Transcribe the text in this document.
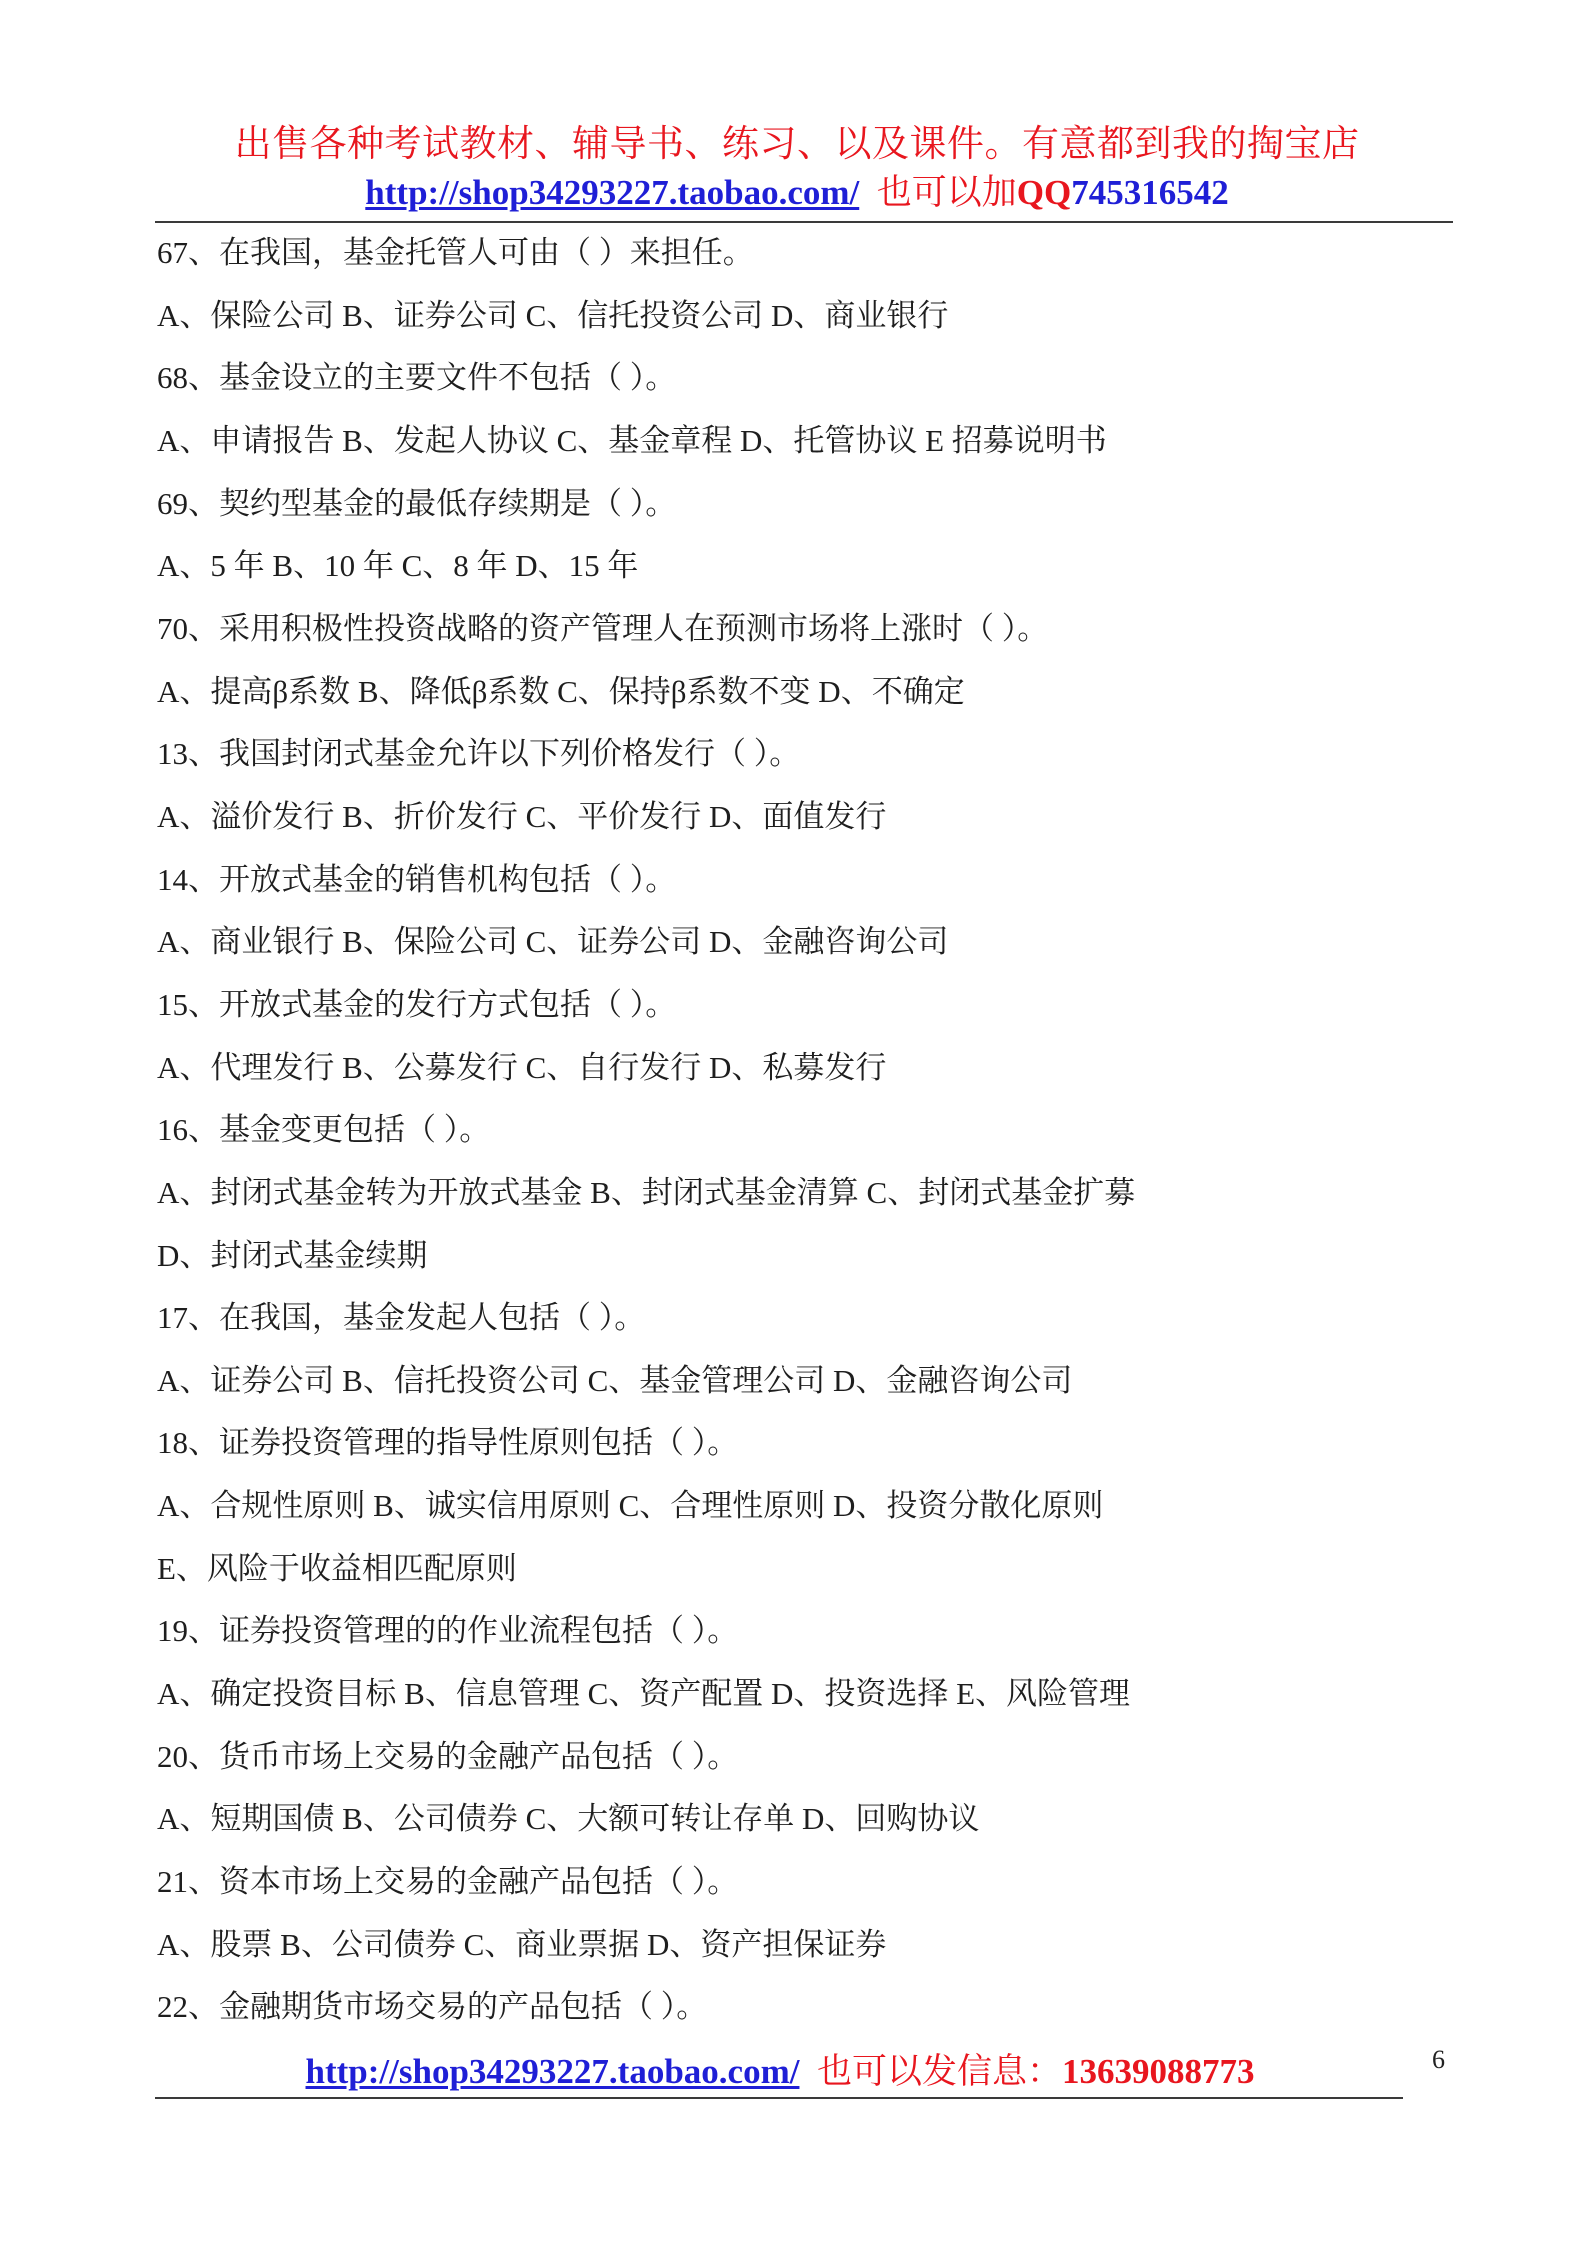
出售各种考试教材、辅导书、练习、以及课件。有意都到我的掏宝店
http://shop34293227.taobao.com/ 也可以加QQ745316542
67、在我国，基金托管人可由（ ）来担任。
A、保险公司 B、证券公司 C、信托投资公司 D、商业银行
68、基金设立的主要文件不包括（ ）。
A、申请报告 B、发起人协议 C、基金章程 D、托管协议 E 招募说明书
69、契约型基金的最低存续期是（ ）。
A、5 年 B、10 年 C、8 年 D、15 年
70、采用积极性投资战略的资产管理人在预测市场将上涨时（ ）。
A、提高β系数 B、降低β系数 C、保持β系数不变 D、不确定
13、我国封闭式基金允许以下列价格发行（ ）。
A、溢价发行 B、折价发行 C、平价发行 D、面值发行
14、开放式基金的销售机构包括（ ）。
A、商业银行 B、保险公司 C、证券公司 D、金融咨询公司
15、开放式基金的发行方式包括（ ）。
A、代理发行 B、公募发行 C、自行发行 D、私募发行
16、基金变更包括（ ）。
A、封闭式基金转为开放式基金 B、封闭式基金清算 C、封闭式基金扩募
D、封闭式基金续期
17、在我国，基金发起人包括（ ）。
A、证券公司 B、信托投资公司 C、基金管理公司 D、金融咨询公司
18、证券投资管理的指导性原则包括（ ）。
A、合规性原则 B、诚实信用原则 C、合理性原则 D、投资分散化原则
E、风险于收益相匹配原则
19、证券投资管理的的作业流程包括（ ）。
A、确定投资目标 B、信息管理 C、资产配置 D、投资选择 E、风险管理
20、货币市场上交易的金融产品包括（ ）。
A、短期国债 B、公司债券 C、大额可转让存单 D、回购协议
21、资本市场上交易的金融产品包括（ ）。
A、股票 B、公司债券 C、商业票据 D、资产担保证券
22、金融期货市场交易的产品包括（ ）。
http://shop34293227.taobao.com/ 也可以发信息：13639088773	6
